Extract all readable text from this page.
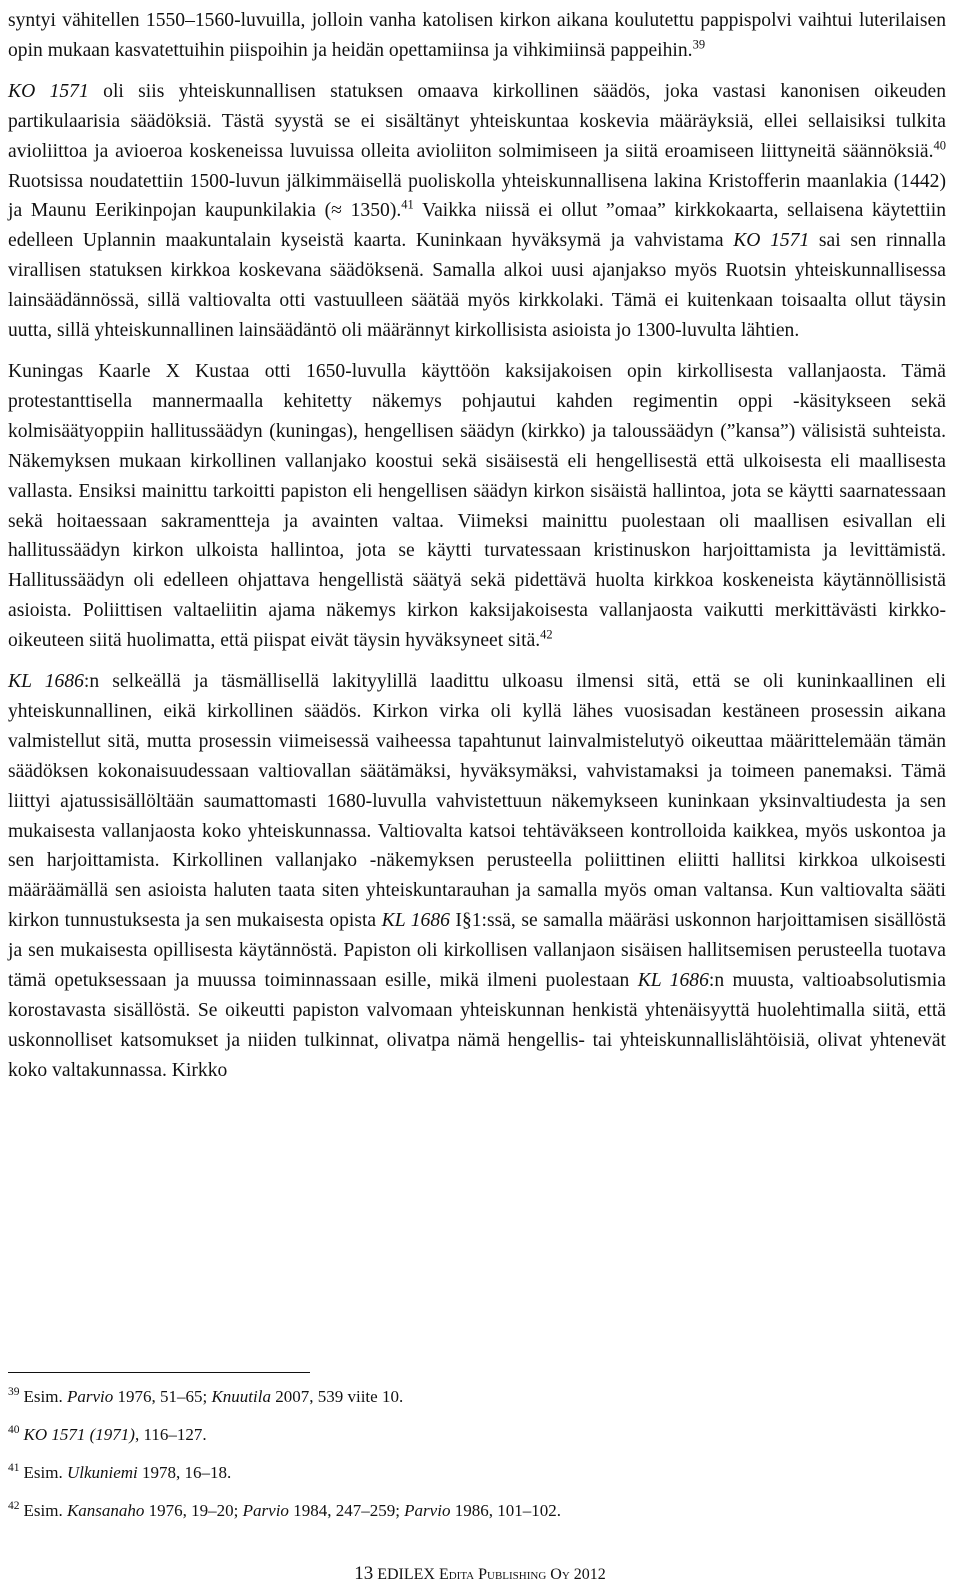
syntyi vähitellen 1550–1560-luvuilla, jolloin vanha katolisen kirkon aikana koulutettu pappispolvi vaihtui luterilaisen opin mukaan kasvatettuihin piispoihin ja heidän opettamiinsa ja vihkimiinsä pappeihin.$^{39}$

KO 1571 oli siis yhteiskunnallisen statuksen omaava kirkollinen säädös, joka vastasi kanonisen oikeuden partikulaarisia säädöksiä. Tästä syystä se ei sisältänyt yhteiskuntaa koskevia määräyksiä, ellei sellaisiksi tulkita avioliittoa ja avioeroa koskeneissa luvuissa olleita avioliiton solmimiseen ja siitä eroamiseen liittyneitä säännöksiä.$^{40}$ Ruotsissa noudatettiin 1500-luvun jälkimmäisellä puoliskolla yhteiskunnallisena lakina Kristofferin maanlakia (1442) ja Maunu Eerikinpojan kaupunkilakia (≈ 1350).$^{41}$ Vaikka niissä ei ollut ”omaa” kirkkokaarta, sellaisena käytettiin edelleen Uplannin maakuntalain kyseistä kaarta. Kuninkaan hyväksymä ja vahvistama KO 1571 sai sen rinnalla virallisen statuksen kirkkoa koskevana säädöksenä. Samalla alkoi uusi ajanjakso myös Ruotsin yhteiskunnallisessa lainsäädännössä, sillä valtiovalta otti vastuulleen säätää myös kirkkolaki. Tämä ei kuitenkaan toisaalta ollut täysin uutta, sillä yhteiskunnallinen lainsäädäntö oli määrännyt kirkollisista asioista jo 1300-luvulta lähtien.

Kuningas Kaarle X Kustaa otti 1650-luvulla käyttöön kaksijakoisen opin kirkollisesta vallanjaosta. Tämä protestanttisella mannermaalla kehitetty näkemys pohjautui kahden regimentin oppi -käsitykseen sekä kolmisäätyoppiin hallitussäädyn (kuningas), hengellisen säädyn (kirkko) ja taloussäädyn (”kansa”) välisistä suhteista. Näkemyksen mukaan kirkollinen vallanjako koostui sekä sisäisestä eli hengellisestä että ulkoisesta eli maallisesta vallasta. Ensiksi mainittu tarkoitti papiston eli hengellisen säädyn kirkon sisäistä hallintoa, jota se käytti saarnatessaan sekä hoitaessaan sakramentteja ja avainten valtaa. Viimeksi mainittu puolestaan oli maallisen esivallan eli hallitussäädyn kirkon ulkoista hallintoa, jota se käytti turvatessaan kristinuskon harjoittamista ja levittämistä. Hallitussäädyn oli edelleen ohjattava hengellistä säätyä sekä pidettävä huolta kirkkoa koskeneista käytännöllisistä asioista. Poliittisen valtaeliitin ajama näkemys kirkon kaksijakoisesta vallanjaosta vaikutti merkittävästi kirkko-oikeuteen siitä huolimatta, että piispat eivät täysin hyväksyneet sitä.$^{42}$

KL 1686:n selkeällä ja täsmällisellä lakityylillä laadittu ulkoasu ilmensi sitä, että se oli kuninkaallinen eli yhteiskunnallinen, eikä kirkollinen säädös. Kirkon virka oli kyllä lähes vuosisadan kestäneen prosessin aikana valmistellut sitä, mutta prosessin viimeisessä vaiheessa tapahtunut lainvalmistelutyö oikeuttaa määrittelemään tämän säädöksen kokonaisuudessaan valtiovallan säätämäksi, hyväksymäksi, vahvistamaksi ja toimeen panemaksi. Tämä liittyi ajatussisällöltään saumattomasti 1680-luvulla vahvistettuun näkemykseen kuninkaan yksinvaltiudesta ja sen mukaisesta vallanjaosta koko yhteiskunnassa. Valtiovalta katsoi tehtäväkseen kontrolloida kaikkea, myös uskontoa ja sen harjoittamista. Kirkollinen vallanjako -näkemyksen perusteella poliittinen eliitti hallitsi kirkkoa ulkoisesti määräämällä sen asioista haluten taata siten yhteiskuntarauhan ja samalla myös oman valtansa. Kun valtiovalta sääti kirkon tunnustuksesta ja sen mukaisesta opista KL 1686 I§1:ssä, se samalla määräsi uskonnon harjoittamisen sisällöstä ja sen mukaisesta opillisesta käytännöstä. Papiston oli kirkollisen vallanjaon sisäisen hallitsemisen perusteella tuotava tämä opetuksessaan ja muussa toiminnassaan esille, mikä ilmeni puolestaan KL 1686:n muusta, valtioabsolutismia korostavasta sisällöstä. Se oikeutti papiston valvomaan yhteiskunnan henkistä yhtenäisyyttä huolehtimalla siitä, että uskonnolliset katsomukset ja niiden tulkinnat, olivatpa nämä hengellis- tai yhteiskunnallislähtöisiä, olivat yhtenevät koko valtakunnassa. Kirkko

$^{39}$ Esim. Parvio 1976, 51–65; Knuutila 2007, 539 viite 10.

$^{40}$ KO 1571 (1971), 116–127.

$^{41}$ Esim. Ulkuniemi 1978, 16–18.

$^{42}$ Esim. Kansanaho 1976, 19–20; Parvio 1984, 247–259; Parvio 1986, 101–102.

13 EDILEX Edita Publishing Oy 2012
